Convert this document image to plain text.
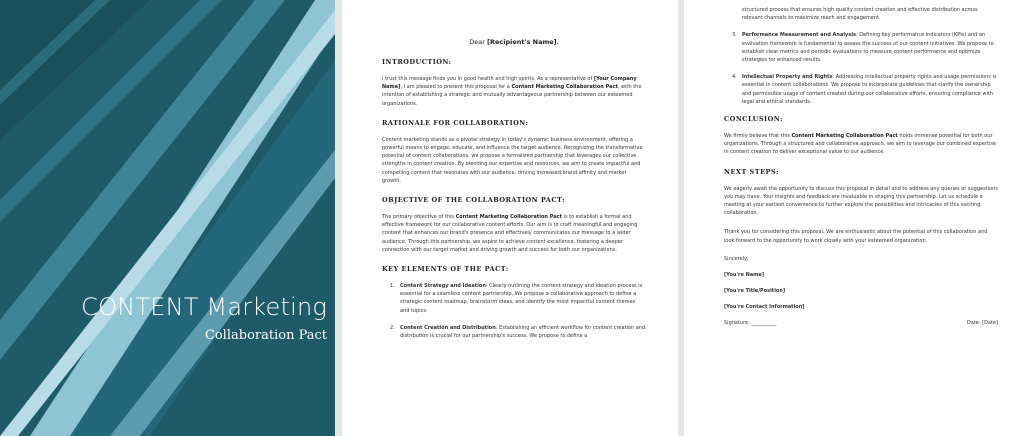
CONTENT Marketing
Collaboration Pact
Dear [Recipient's Name],
INTRODUCTION:
I trust this message finds you in good health and high spirits. As a representative of [Your Company Name], I am pleased to present this proposal for a Content Marketing Collaboration Pact, with the intention of establishing a strategic and mutually advantageous partnership between our esteemed organizations.
RATIONALE FOR COLLABORATION:
Content marketing stands as a pivotal strategy in today's dynamic business environment, offering a powerful means to engage, educate, and influence the target audience. Recognizing the transformative potential of content collaborations, we propose a formalized partnership that leverages our collective strengths in content creation. By blending our expertise and resources, we aim to create impactful and compelling content that resonates with our audience, driving increased brand affinity and market growth.
OBJECTIVE OF THE COLLABORATION PACT:
The primary objective of this Content Marketing Collaboration Pact is to establish a formal and effective framework for our collaborative content efforts. Our aim is to craft meaningful and engaging content that enhances our brand's presence and effectively communicates our message to a wider audience. Through this partnership, we aspire to achieve content excellence, fostering a deeper connection with our target market and driving growth and success for both our organizations.
KEY ELEMENTS OF THE PACT:
1. Content Strategy and Ideation: Clearly outlining the content strategy and ideation process is essential for a seamless content partnership. We propose a collaborative approach to define a strategic content roadmap, brainstorm ideas, and identify the most impactful content themes and topics.
2. Content Creation and Distribution: Establishing an efficient workflow for content creation and distribution is crucial for our partnership's success. We propose to define a
structured process that ensures high quality content creation and effective distribution across relevant channels to maximize reach and engagement.
3. Performance Measurement and Analysis: Defining key performance indicators (KPIs) and an evaluation framework is fundamental to assess the success of our content initiatives. We propose to establish clear metrics and periodic evaluations to measure content performance and optimize strategies for enhanced results.
4. Intellectual Property and Rights: Addressing intellectual property rights and usage permissions is essential in content collaborations. We propose to incorporate guidelines that clarify the ownership and permissible usage of content created during our collaborative efforts, ensuring compliance with legal and ethical standards.
CONCLUSION:
We firmly believe that this Content Marketing Collaboration Pact holds immense potential for both our organizations. Through a structured and collaborative approach, we aim to leverage our combined expertise in content creation to deliver exceptional value to our audience.
NEXT STEPS:
We eagerly await the opportunity to discuss this proposal in detail and to address any queries or suggestions you may have. Your insights and feedback are invaluable in shaping this partnership. Let us schedule a meeting at your earliest convenience to further explore the possibilities and intricacies of this exciting collaboration.
Thank you for considering this proposal. We are enthusiastic about the potential of this collaboration and look forward to the opportunity to work closely with your esteemed organization.
Sincerely,
[You're Name]
[You're Title/Position]
[You're Contact Information]
Signature: __________	Date: [Date]
